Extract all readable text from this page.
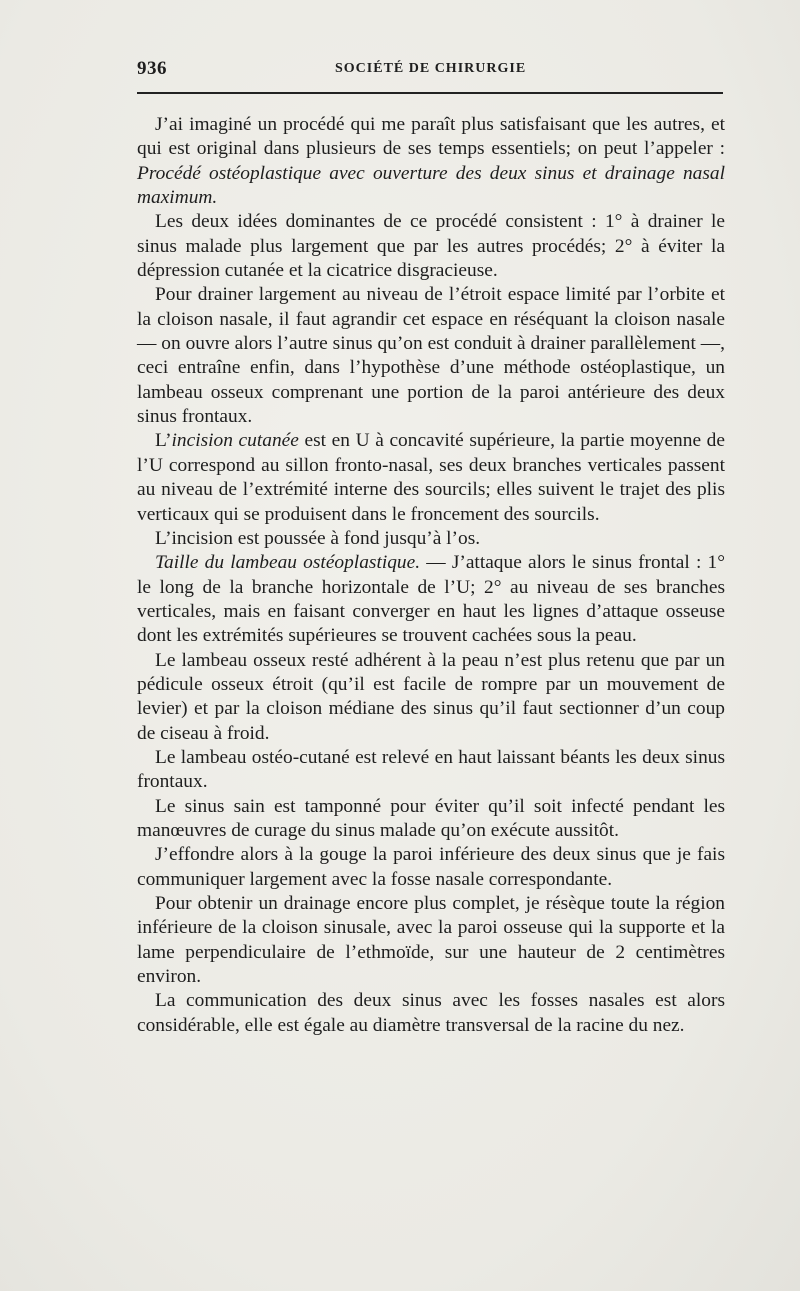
936	SOCIÉTÉ DE CHIRURGIE

J’ai imaginé un procédé qui me paraît plus satisfaisant que les autres, et qui est original dans plusieurs de ses temps essentiels; on peut l’appeler : Procédé ostéoplastique avec ouverture des deux sinus et drainage nasal maximum.

Les deux idées dominantes de ce procédé consistent : 1° à drainer le sinus malade plus largement que par les autres procédés; 2° à éviter la dépression cutanée et la cicatrice disgracieuse.

Pour drainer largement au niveau de l’étroit espace limité par l’orbite et la cloison nasale, il faut agrandir cet espace en réséquant la cloison nasale — on ouvre alors l’autre sinus qu’on est conduit à drainer parallèlement —, ceci entraîne enfin, dans l’hypothèse d’une méthode ostéoplastique, un lambeau osseux comprenant une portion de la paroi antérieure des deux sinus frontaux.

L’incision cutanée est en U à concavité supérieure, la partie moyenne de l’U correspond au sillon fronto-nasal, ses deux branches verticales passent au niveau de l’extrémité interne des sourcils; elles suivent le trajet des plis verticaux qui se produisent dans le froncement des sourcils.

L’incision est poussée à fond jusqu’à l’os.

Taille du lambeau ostéoplastique. — J’attaque alors le sinus frontal : 1° le long de la branche horizontale de l’U; 2° au niveau de ses branches verticales, mais en faisant converger en haut les lignes d’attaque osseuse dont les extrémités supérieures se trouvent cachées sous la peau.

Le lambeau osseux resté adhérent à la peau n’est plus retenu que par un pédicule osseux étroit (qu’il est facile de rompre par un mouvement de levier) et par la cloison médiane des sinus qu’il faut sectionner d’un coup de ciseau à froid.

Le lambeau ostéo-cutané est relevé en haut laissant béants les deux sinus frontaux.

Le sinus sain est tamponné pour éviter qu’il soit infecté pendant les manœuvres de curage du sinus malade qu’on exécute aussitôt.

J’effondre alors à la gouge la paroi inférieure des deux sinus que je fais communiquer largement avec la fosse nasale correspondante.

Pour obtenir un drainage encore plus complet, je résèque toute la région inférieure de la cloison sinusale, avec la paroi osseuse qui la supporte et la lame perpendiculaire de l’ethmoïde, sur une hauteur de 2 centimètres environ.

La communication des deux sinus avec les fosses nasales est alors considérable, elle est égale au diamètre transversal de la racine du nez.
